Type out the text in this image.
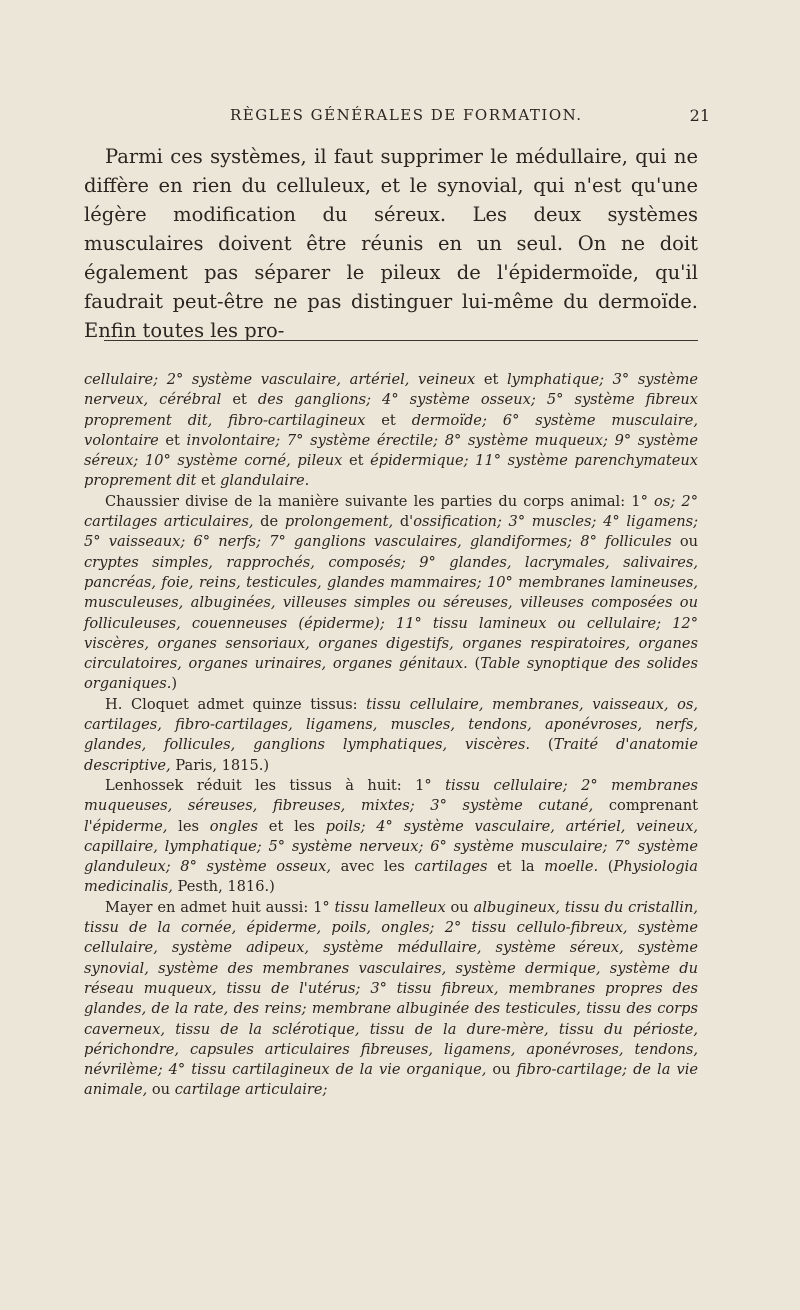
RÈGLES GÉNÉRALES DE FORMATION.	21

Parmi ces systèmes, il faut supprimer le médullaire, qui ne diffère en rien du celluleux, et le synovial, qui n'est qu'une légère modification du séreux. Les deux systèmes musculaires doivent être réunis en un seul. On ne doit également pas séparer le pileux de l'épidermoïde, qu'il faudrait peut-être ne pas distinguer lui-même du dermoïde. Enfin toutes les pro-

cellulaire; 2° système vasculaire, artériel, veineux et lymphatique; 3° système nerveux, cérébral et des ganglions; 4° système osseux; 5° système fibreux proprement dit, fibro-cartilagineux et dermoïde; 6° système musculaire, volontaire et involontaire; 7° système érectile; 8° système muqueux; 9° système séreux; 10° système corné, pileux et épidermique; 11° système parenchymateux proprement dit et glandulaire.

Chaussier divise de la manière suivante les parties du corps animal: 1° os; 2° cartilages articulaires, de prolongement, d'ossification; 3° muscles; 4° ligamens; 5° vaisseaux; 6° nerfs; 7° ganglions vasculaires, glandiformes; 8° follicules ou cryptes simples, rapprochés, composés; 9° glandes, lacrymales, salivaires, pancréas, foie, reins, testicules, glandes mammaires; 10° membranes lamineuses, musculeuses, albuginées, villeuses simples ou séreuses, villeuses composées ou folliculeuses, couenneuses (épiderme); 11° tissu lamineux ou cellulaire; 12° viscères, organes sensoriaux, organes digestifs, organes respiratoires, organes circulatoires, organes urinaires, organes génitaux. (Table synoptique des solides organiques.)

H. Cloquet admet quinze tissus: tissu cellulaire, membranes, vaisseaux, os, cartilages, fibro-cartilages, ligamens, muscles, tendons, aponévroses, nerfs, glandes, follicules, ganglions lymphatiques, viscères. (Traité d'anatomie descriptive, Paris, 1815.)

Lenhossek réduit les tissus à huit: 1° tissu cellulaire; 2° membranes muqueuses, séreuses, fibreuses, mixtes; 3° système cutané, comprenant l'épiderme, les ongles et les poils; 4° système vasculaire, artériel, veineux, capillaire, lymphatique; 5° système nerveux; 6° système musculaire; 7° système glanduleux; 8° système osseux, avec les cartilages et la moelle. (Physiologia medicinalis, Pesth, 1816.)

Mayer en admet huit aussi: 1° tissu lamelleux ou albugineux, tissu du cristallin, tissu de la cornée, épiderme, poils, ongles; 2° tissu cellulo-fibreux, système cellulaire, système adipeux, système médullaire, système séreux, système synovial, système des membranes vasculaires, système dermique, système du réseau muqueux, tissu de l'utérus; 3° tissu fibreux, membranes propres des glandes, de la rate, des reins; membrane albuginée des testicules, tissu des corps caverneux, tissu de la sclérotique, tissu de la dure-mère, tissu du périoste, périchondre, capsules articulaires fibreuses, ligamens, aponévroses, tendons, névrilème; 4° tissu cartilagineux de la vie organique, ou fibro-cartilage; de la vie animale, ou cartilage articulaire;
